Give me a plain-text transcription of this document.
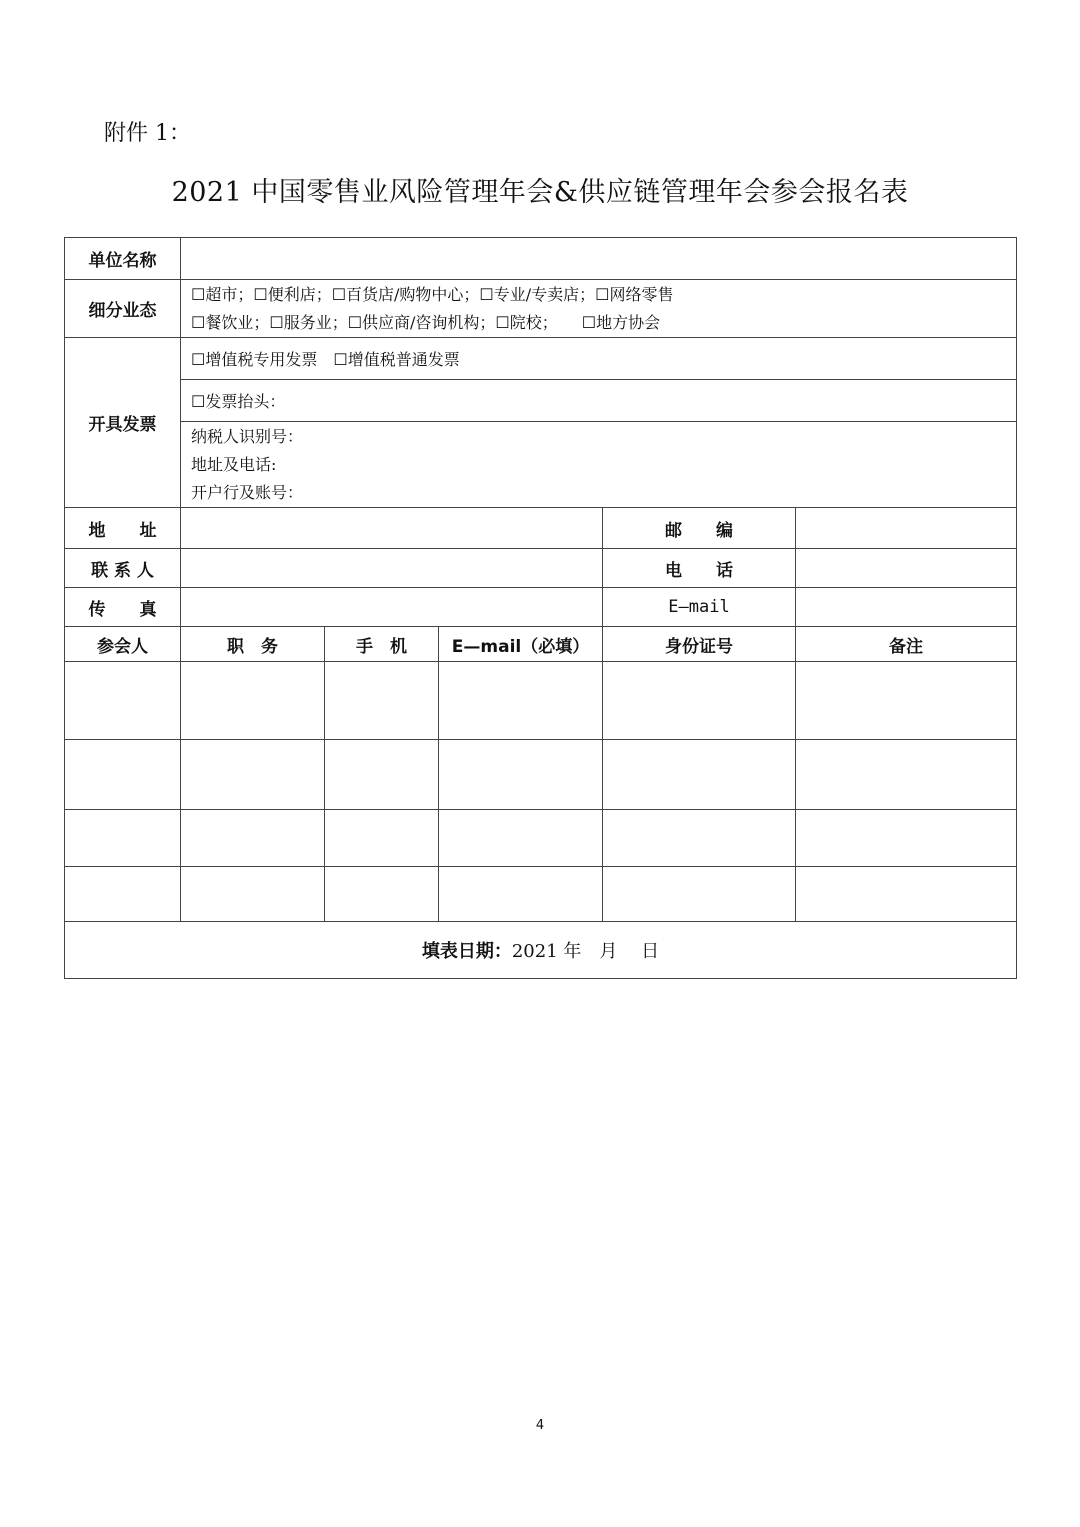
附件 1：
2021 中国零售业风险管理年会&供应链管理年会参会报名表
单位名称					
细分业态	☐超市；☐便利店；☐百货店/购物中心；☐专业/专卖店；☐网络零售
☐餐饮业；☐服务业；☐供应商/咨询机构；☐院校；　　☐地方协会				

开具发票	☐增值税专用发票　☐增值税普通发票				
	☐发票抬头：				

	纳税人识别号：
地址及电话:
开户行及账号：				

地　　址				邮　　编	
联 系 人				电　　话	
传　　真				E—mail	
参会人	职　务	手　机	E—mail（必填）	身份证号	备注

填表日期：2021 年　月　 日					
4
